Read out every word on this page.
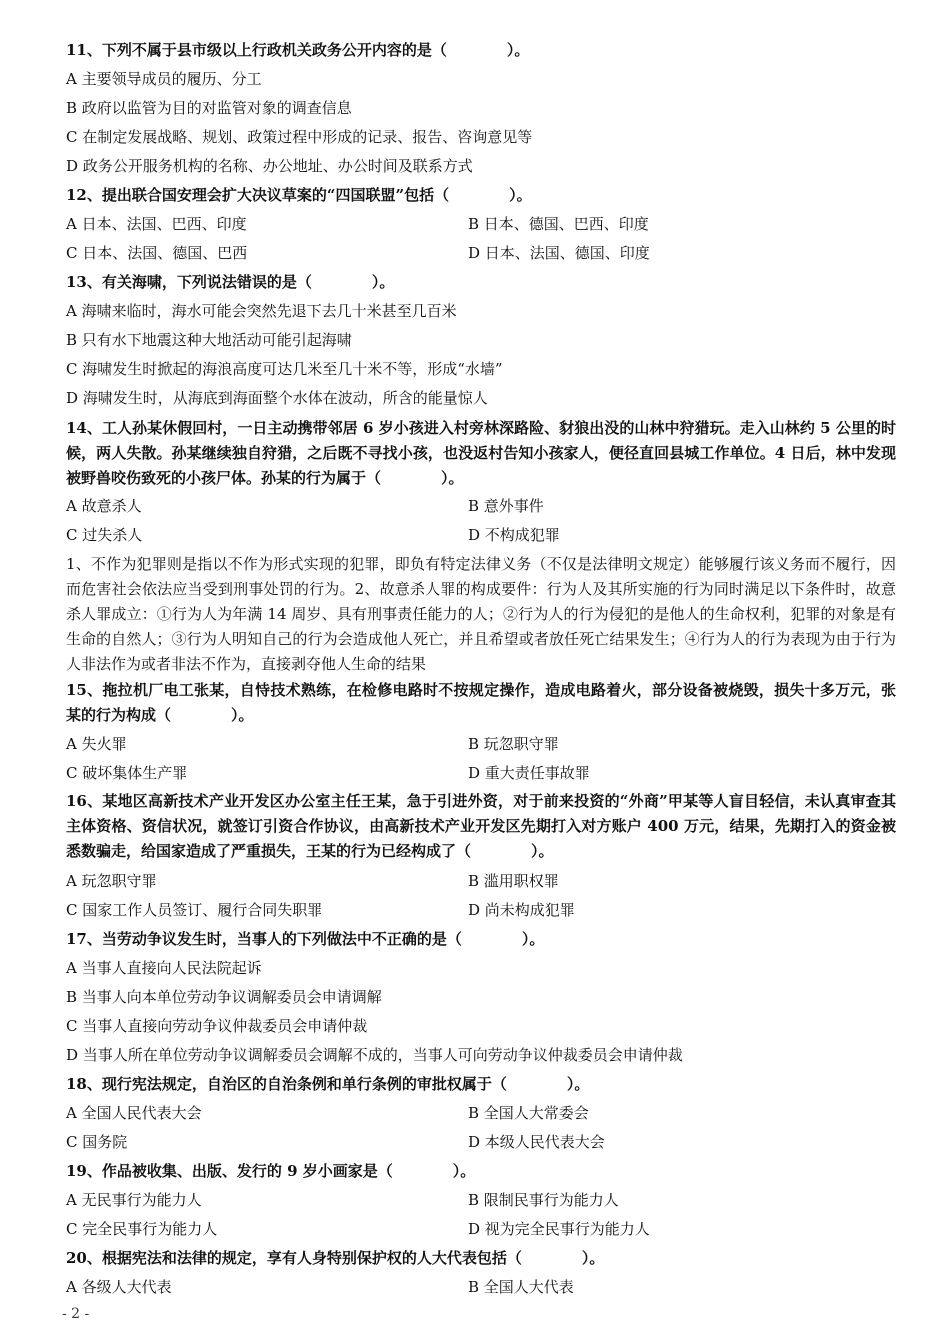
11、下列不属于县市级以上行政机关政务公开内容的是（　　　　）。
A 主要领导成员的履历、分工
B 政府以监管为目的对监管对象的调查信息
C 在制定发展战略、规划、政策过程中形成的记录、报告、咨询意见等
D 政务公开服务机构的名称、办公地址、办公时间及联系方式
12、提出联合国安理会扩大决议草案的“四国联盟”包括（　　　　）。
A 日本、法国、巴西、印度	B 日本、德国、巴西、印度
C 日本、法国、德国、巴西	D 日本、法国、德国、印度
13、有关海啸，下列说法错误的是（　　　　）。
A 海啸来临时，海水可能会突然先退下去几十米甚至几百米
B 只有水下地震这种大地活动可能引起海啸
C 海啸发生时掀起的海浪高度可达几米至几十米不等，形成“水墙”
D 海啸发生时，从海底到海面整个水体在波动，所含的能量惊人
14、工人孙某休假回村，一日主动携带邻居 6 岁小孩进入村旁林深路险、豺狼出没的山林中狩猎玩。走入山林约 5 公里的时候，两人失散。孙某继续独自狩猎，之后既不寻找小孩，也没返村告知小孩家人，便径直回县城工作单位。4 日后，林中发现被野兽咬伤致死的小孩尸体。孙某的行为属于（　　　　）。
A 故意杀人	B 意外事件
C 过失杀人	D 不构成犯罪
1、不作为犯罪则是指以不作为形式实现的犯罪，即负有特定法律义务（不仅是法律明文规定）能够履行该义务而不履行，因而危害社会依法应当受到刑事处罚的行为。2、故意杀人罪的构成要件：行为人及其所实施的行为同时满足以下条件时，故意杀人罪成立：①行为人为年满 14 周岁、具有刑事责任能力的人；②行为人的行为侵犯的是他人的生命权利，犯罪的对象是有生命的自然人；③行为人明知自己的行为会造成他人死亡，并且希望或者放任死亡结果发生；④行为人的行为表现为由于行为人非法作为或者非法不作为，直接剥夺他人生命的结果
15、拖拉机厂电工张某，自恃技术熟练，在检修电路时不按规定操作，造成电路着火，部分设备被烧毁，损失十多万元，张某的行为构成（　　　　）。
A 失火罪	B 玩忽职守罪
C 破坏集体生产罪	D 重大责任事故罪
16、某地区高新技术产业开发区办公室主任王某，急于引进外资，对于前来投资的“外商”甲某等人盲目轻信，未认真审查其主体资格、资信状况，就签订引资合作协议，由高新技术产业开发区先期打入对方账户 400 万元，结果，先期打入的资金被悉数骗走，给国家造成了严重损失，王某的行为已经构成了（　　　　）。
A 玩忽职守罪	B 滥用职权罪
C 国家工作人员签订、履行合同失职罪	D 尚未构成犯罪
17、当劳动争议发生时，当事人的下列做法中不正确的是（　　　　）。
A 当事人直接向人民法院起诉
B 当事人向本单位劳动争议调解委员会申请调解
C 当事人直接向劳动争议仲裁委员会申请仲裁
D 当事人所在单位劳动争议调解委员会调解不成的，当事人可向劳动争议仲裁委员会申请仲裁
18、现行宪法规定，自治区的自治条例和单行条例的审批权属于（　　　　）。
A 全国人民代表大会	B 全国人大常委会
C 国务院	D 本级人民代表大会
19、作品被收集、出版、发行的 9 岁小画家是（　　　　）。
A 无民事行为能力人	B 限制民事行为能力人
C 完全民事行为能力人	D 视为完全民事行为能力人
20、根据宪法和法律的规定，享有人身特别保护权的人大代表包括（　　　　）。
A 各级人大代表	B 全国人大代表
- 2 -
